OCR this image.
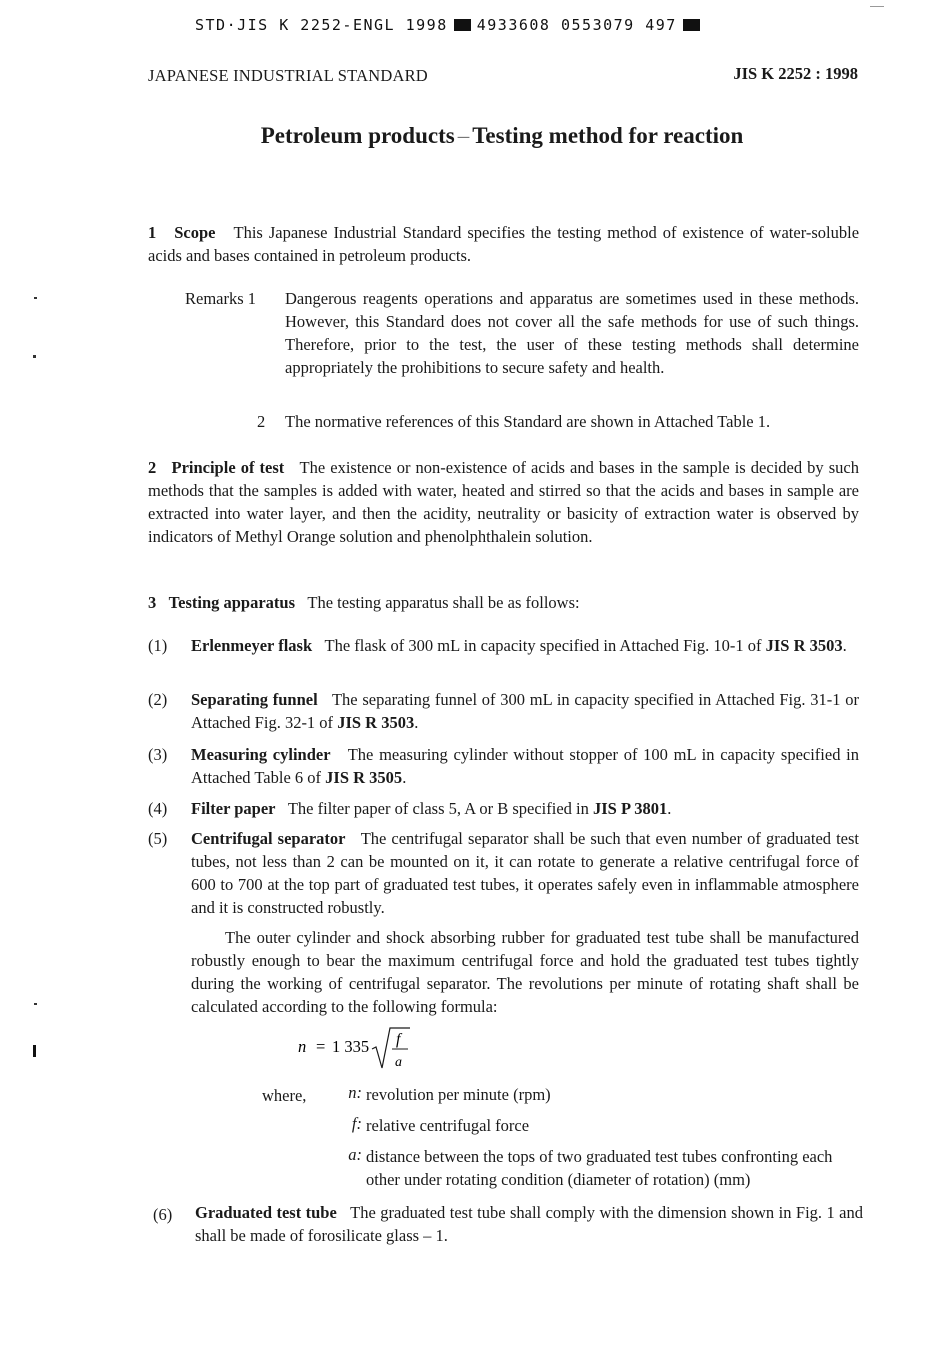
STD·JIS K 2252-ENGL 1998 4933608 0553079 497
JAPANESE INDUSTRIAL STANDARD	JIS K 2252 : 1998
Petroleum products – Testing method for reaction
1 Scope This Japanese Industrial Standard specifies the testing method of existence of water-soluble acids and bases contained in petroleum products.
Remarks 1 Dangerous reagents operations and apparatus are sometimes used in these methods. However, this Standard does not cover all the safe methods for use of such things. Therefore, prior to the test, the user of these testing methods shall determine appropriately the prohibitions to secure safety and health.
2 The normative references of this Standard are shown in Attached Table 1.
2 Principle of test The existence or non-existence of acids and bases in the sample is decided by such methods that the samples is added with water, heated and stirred so that the acids and bases in sample are extracted into water layer, and then the acidity, neutrality or basicity of extraction water is observed by indicators of Methyl Orange solution and phenolphthalein solution.
3 Testing apparatus The testing apparatus shall be as follows:
(1) Erlenmeyer flask The flask of 300 mL in capacity specified in Attached Fig. 10-1 of JIS R 3503.
(2) Separating funnel The separating funnel of 300 mL in capacity specified in Attached Fig. 31-1 or Attached Fig. 32-1 of JIS R 3503.
(3) Measuring cylinder The measuring cylinder without stopper of 100 mL in capacity specified in Attached Table 6 of JIS R 3505.
(4) Filter paper The filter paper of class 5, A or B specified in JIS P 3801.
(5) Centrifugal separator The centrifugal separator shall be such that even number of graduated test tubes, not less than 2 can be mounted on it, it can rotate to generate a relative centrifugal force of 600 to 700 at the top part of graduated test tubes, it operates safely even in inflammable atmosphere and it is constructed robustly.
The outer cylinder and shock absorbing rubber for graduated test tube shall be manufactured robustly enough to bear the maximum centrifugal force and hold the graduated test tubes tightly during the working of centrifugal separator. The revolutions per minute of rotating shaft shall be calculated according to the following formula:
n = 1 335 f
a
where,	n: revolution per minute (rpm)
f: relative centrifugal force
a: distance between the tops of two graduated test tubes confronting each other under rotating condition (diameter of rotation) (mm)
(6) Graduated test tube The graduated test tube shall comply with the dimension shown in Fig. 1 and shall be made of forosilicate glass – 1.
